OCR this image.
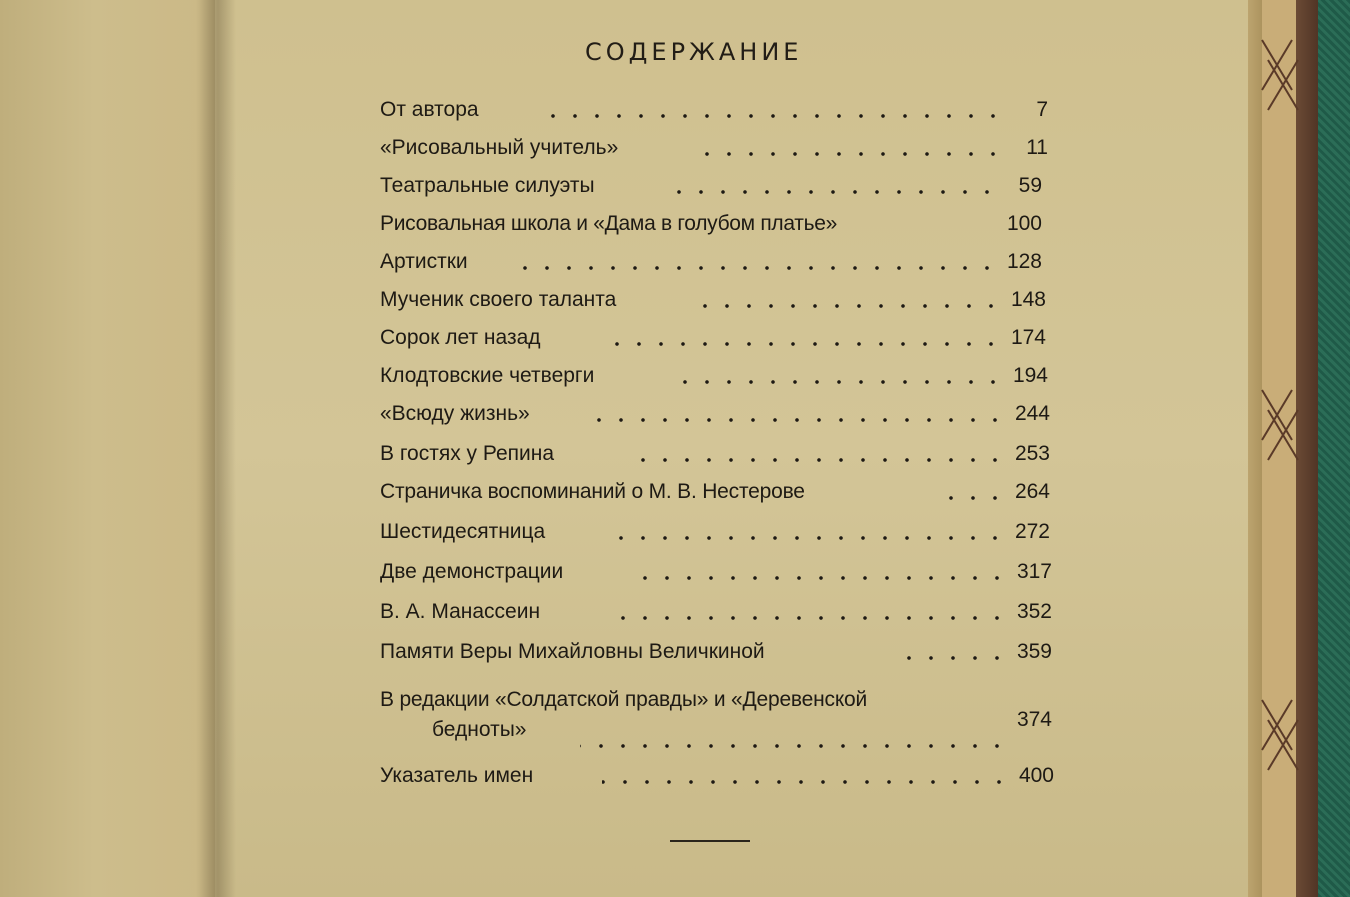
СОДЕРЖАНИЕ
От автора	7
«Рисовальный учитель»	11
Театральные силуэты	59
Рисовальная школа и «Дама в голубом платье»	100
Артистки	128
Мученик своего таланта	148
Сорок лет назад	174
Клодтовские четверги	194
«Всюду жизнь»	244
В гостях у Репина	253
Страничка воспоминаний о М. В. Нестерове	264
Шестидесятница	272
Две демонстрации	317
В. А. Манассеин	352
Памяти Веры Михайловны Величкиной	359
В редакции «Солдатской правды» и «Деревенской
бедноты»	374
Указатель имен	400
